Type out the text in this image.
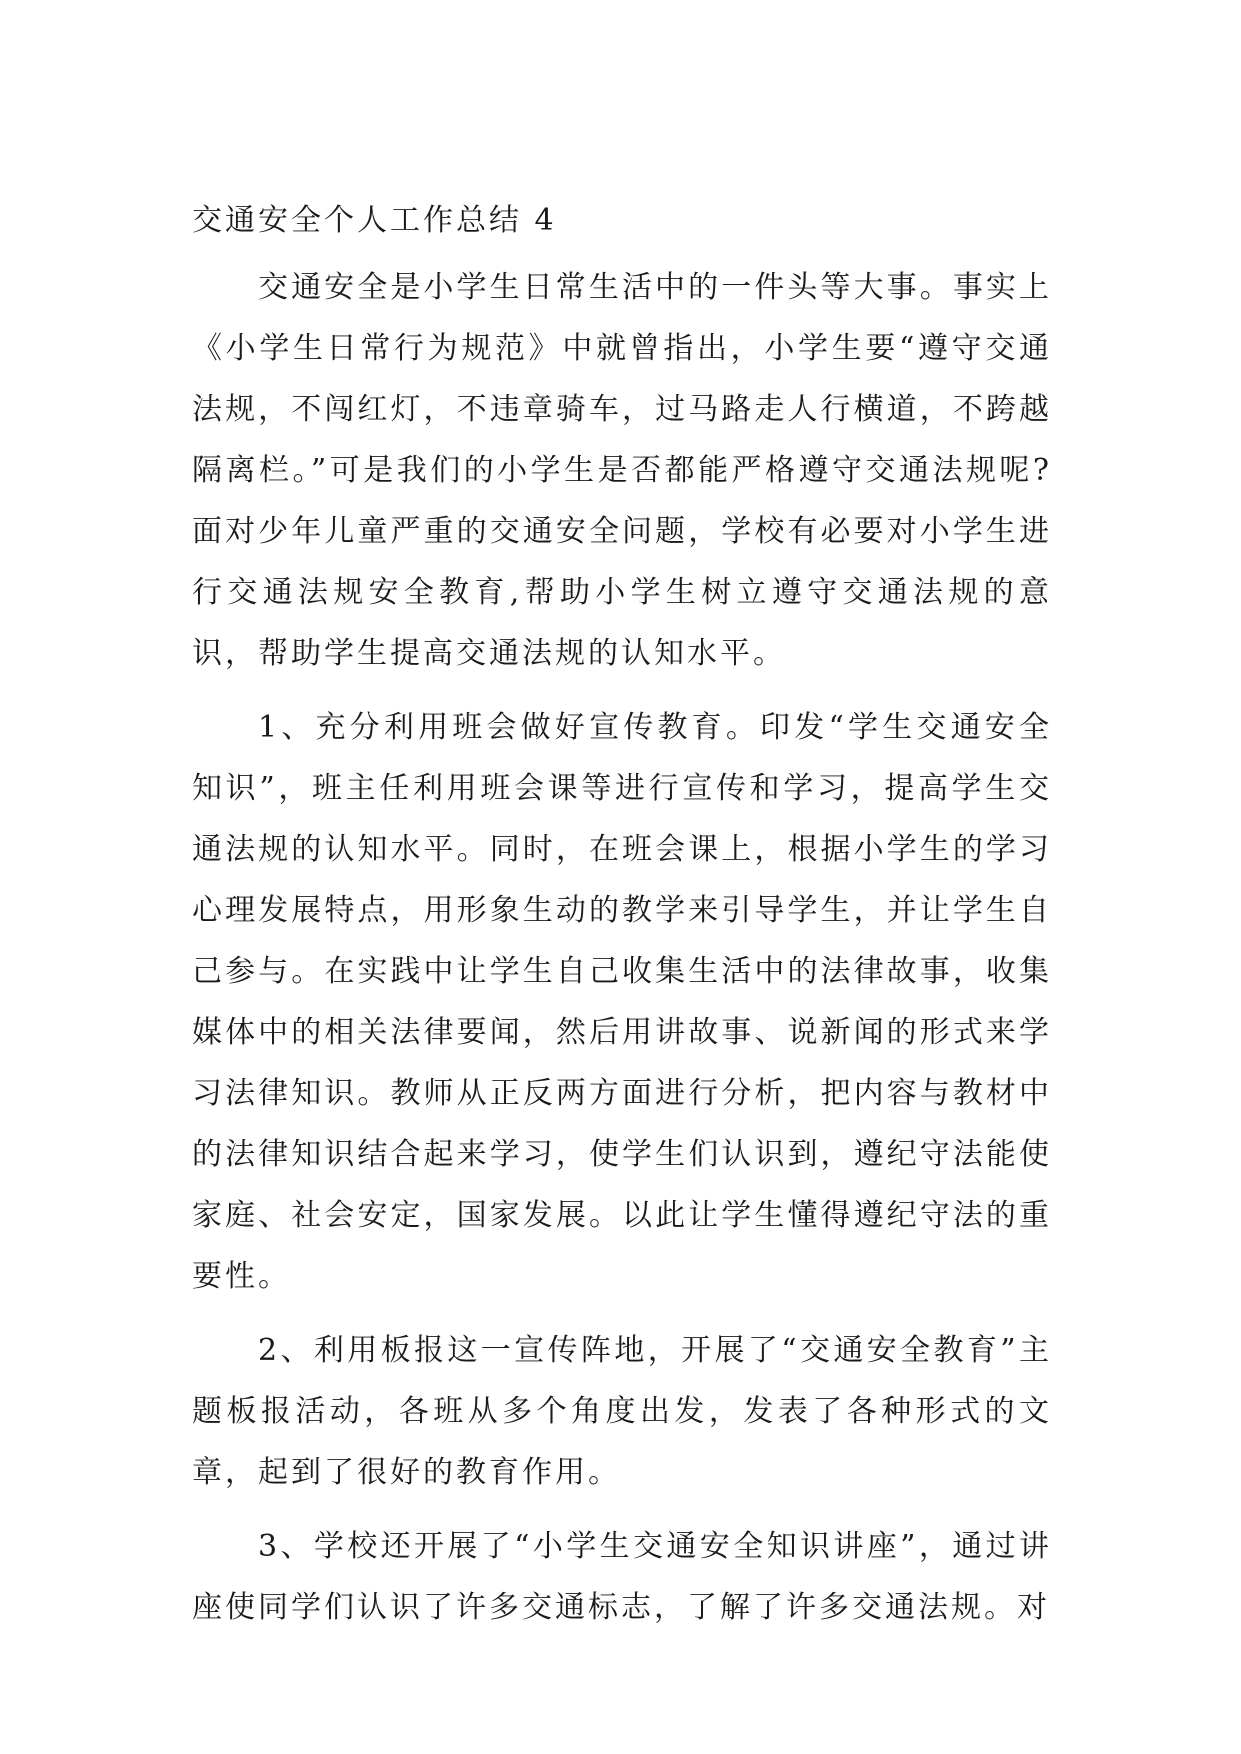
交通安全个人工作总结 4

交通安全是小学生日常生活中的一件头等大事。事实上《小学生日常行为规范》中就曾指出，小学生要“遵守交通法规，不闯红灯，不违章骑车，过马路走人行横道，不跨越隔离栏。”可是我们的小学生是否都能严格遵守交通法规呢?面对少年儿童严重的交通安全问题，学校有必要对小学生进行交通法规安全教育,帮助小学生树立遵守交通法规的意识，帮助学生提高交通法规的认知水平。

1、充分利用班会做好宣传教育。印发“学生交通安全知识”，班主任利用班会课等进行宣传和学习，提高学生交通法规的认知水平。同时，在班会课上，根据小学生的学习心理发展特点，用形象生动的教学来引导学生，并让学生自己参与。在实践中让学生自己收集生活中的法律故事，收集媒体中的相关法律要闻，然后用讲故事、说新闻的形式来学习法律知识。教师从正反两方面进行分析，把内容与教材中的法律知识结合起来学习，使学生们认识到，遵纪守法能使家庭、社会安定，国家发展。以此让学生懂得遵纪守法的重要性。

2、利用板报这一宣传阵地，开展了“交通安全教育”主题板报活动，各班从多个角度出发，发表了各种形式的文章，起到了很好的教育作用。

3、学校还开展了“小学生交通安全知识讲座”，通过讲座使同学们认识了许多交通标志，了解了许多交通法规。对
